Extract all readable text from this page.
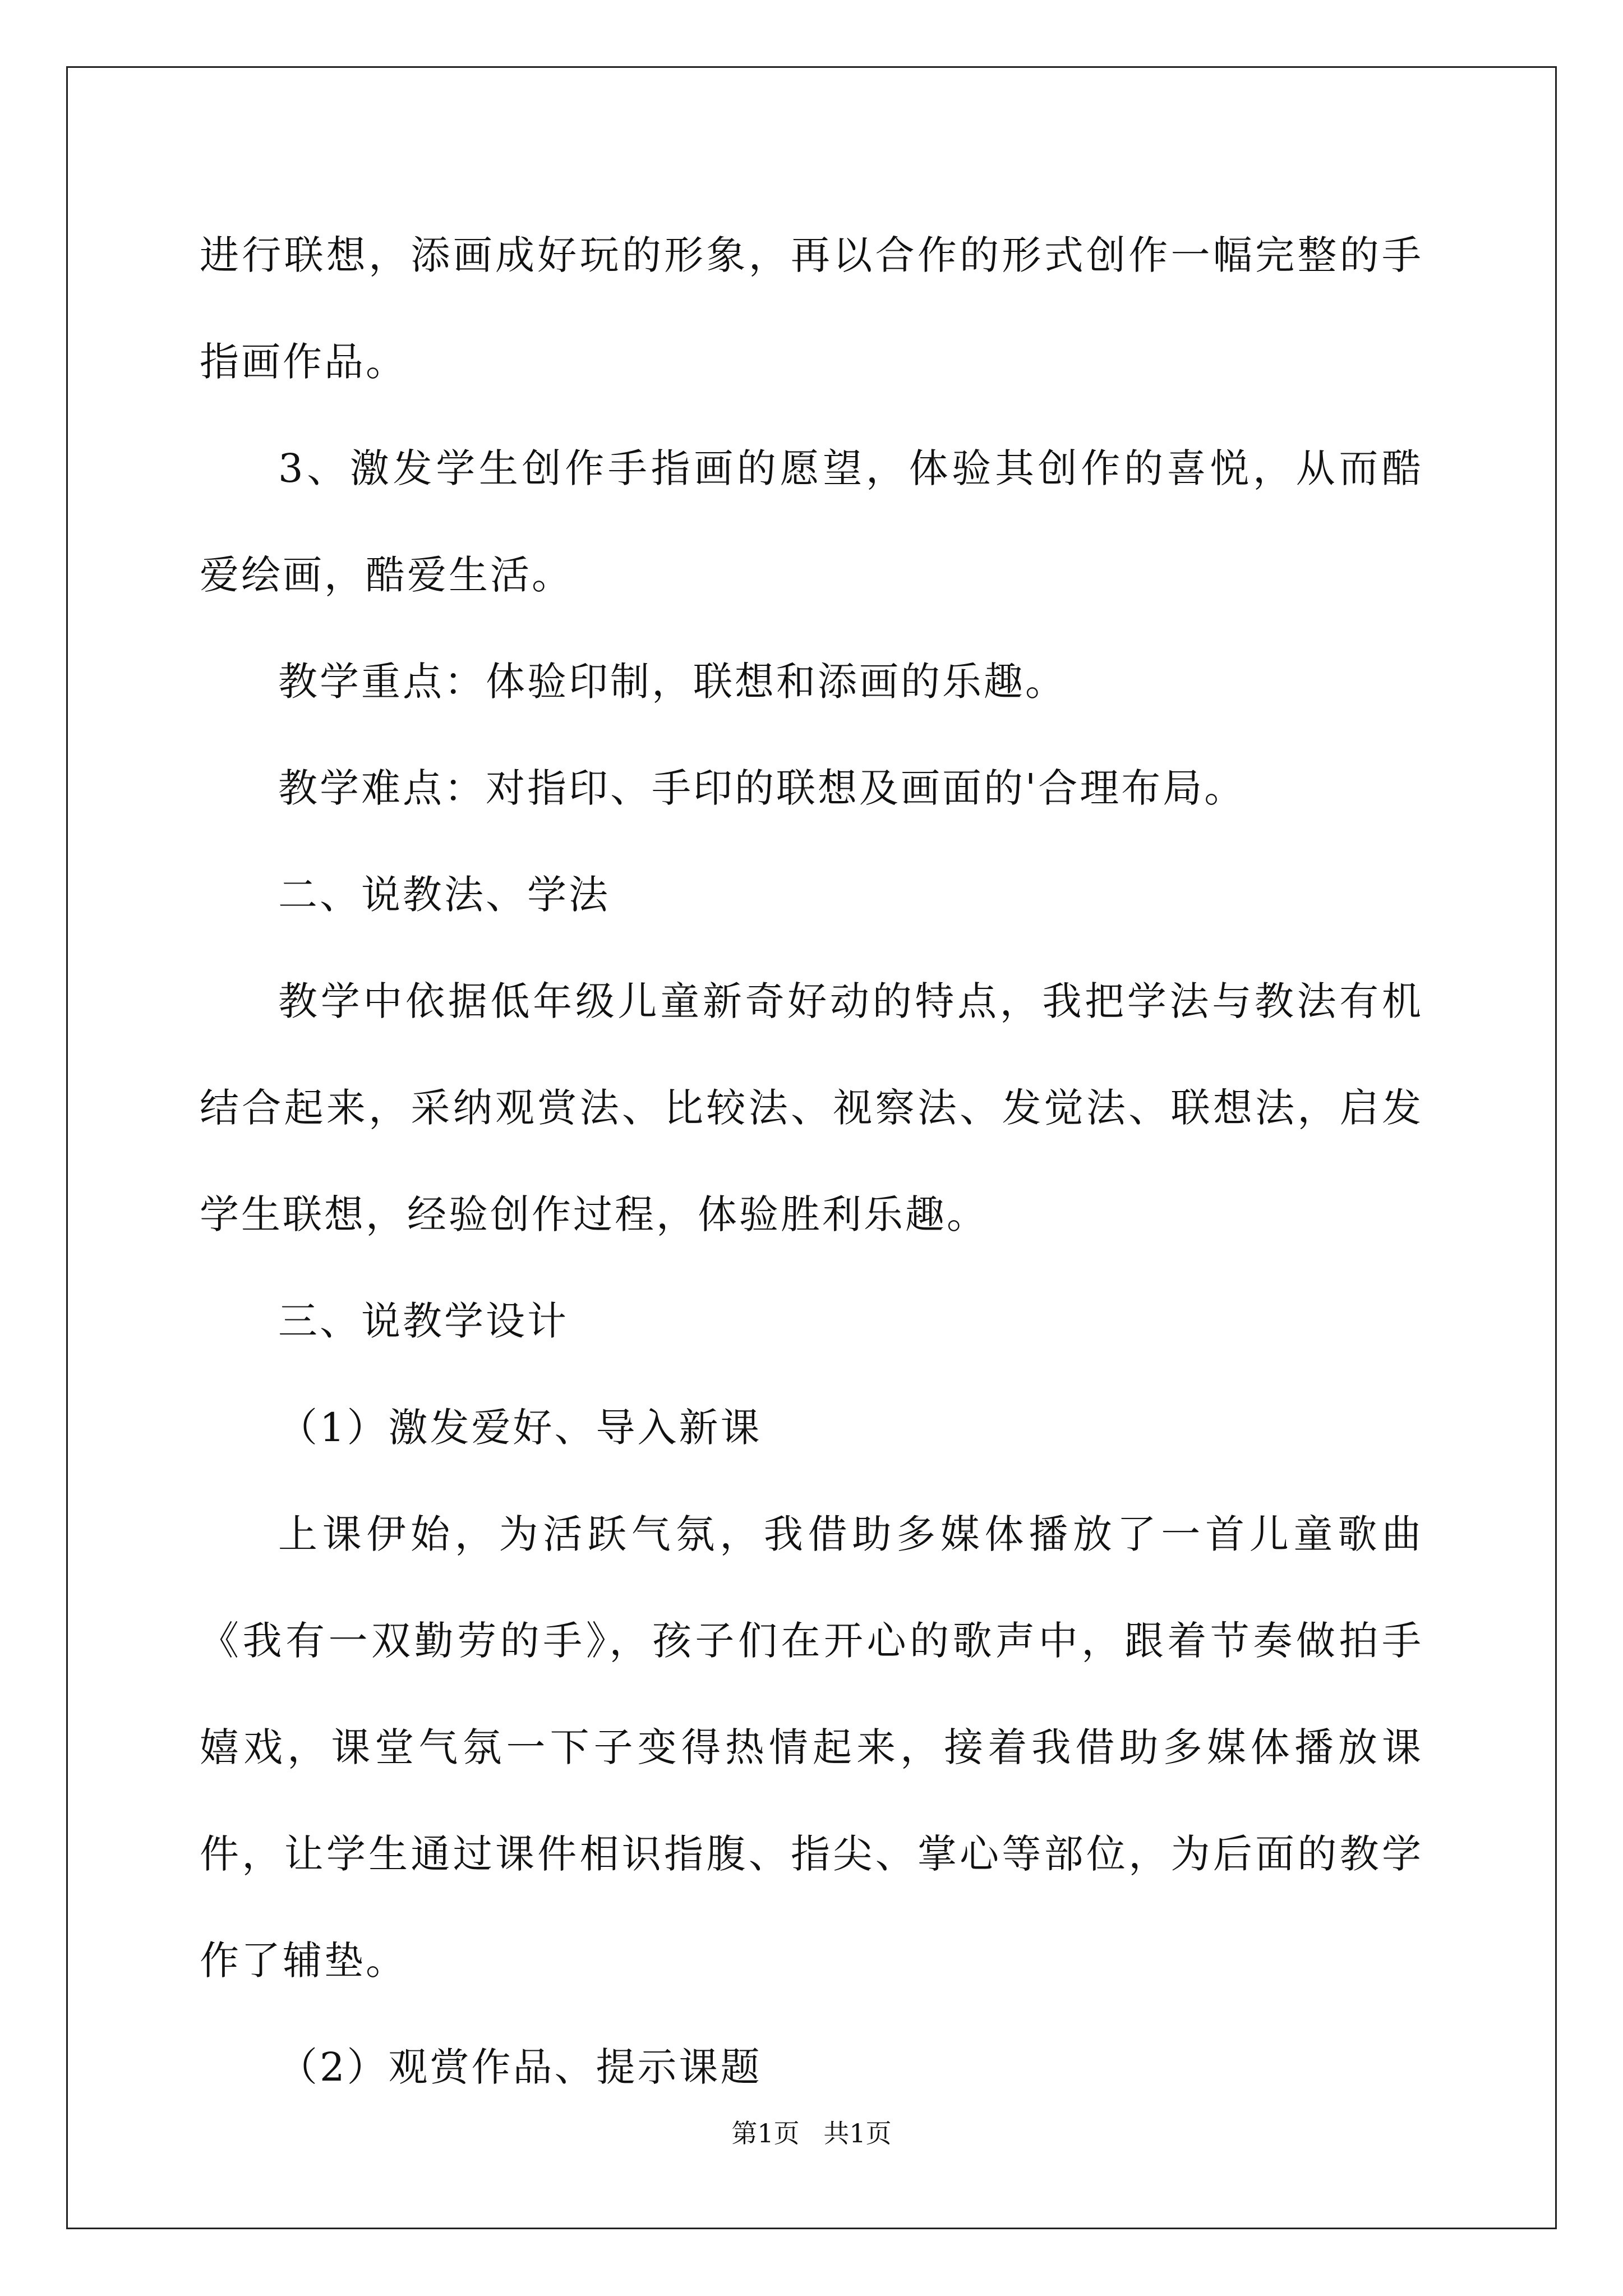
进行联想，添画成好玩的形象，再以合作的形式创作一幅完整的手指画作品。

3、激发学生创作手指画的愿望，体验其创作的喜悦，从而酷爱绘画，酷爱生活。

教学重点：体验印制，联想和添画的乐趣。

教学难点：对指印、手印的联想及画面的'合理布局。

二、说教法、学法

教学中依据低年级儿童新奇好动的特点，我把学法与教法有机结合起来，采纳观赏法、比较法、视察法、发觉法、联想法，启发学生联想，经验创作过程，体验胜利乐趣。

三、说教学设计

（1）激发爱好、导入新课

上课伊始，为活跃气氛，我借助多媒体播放了一首儿童歌曲《我有一双勤劳的手》，孩子们在开心的歌声中，跟着节奏做拍手嬉戏，课堂气氛一下子变得热情起来，接着我借助多媒体播放课件，让学生通过课件相识指腹、指尖、掌心等部位，为后面的教学作了辅垫。

（2）观赏作品、提示课题

第1页 共1页
